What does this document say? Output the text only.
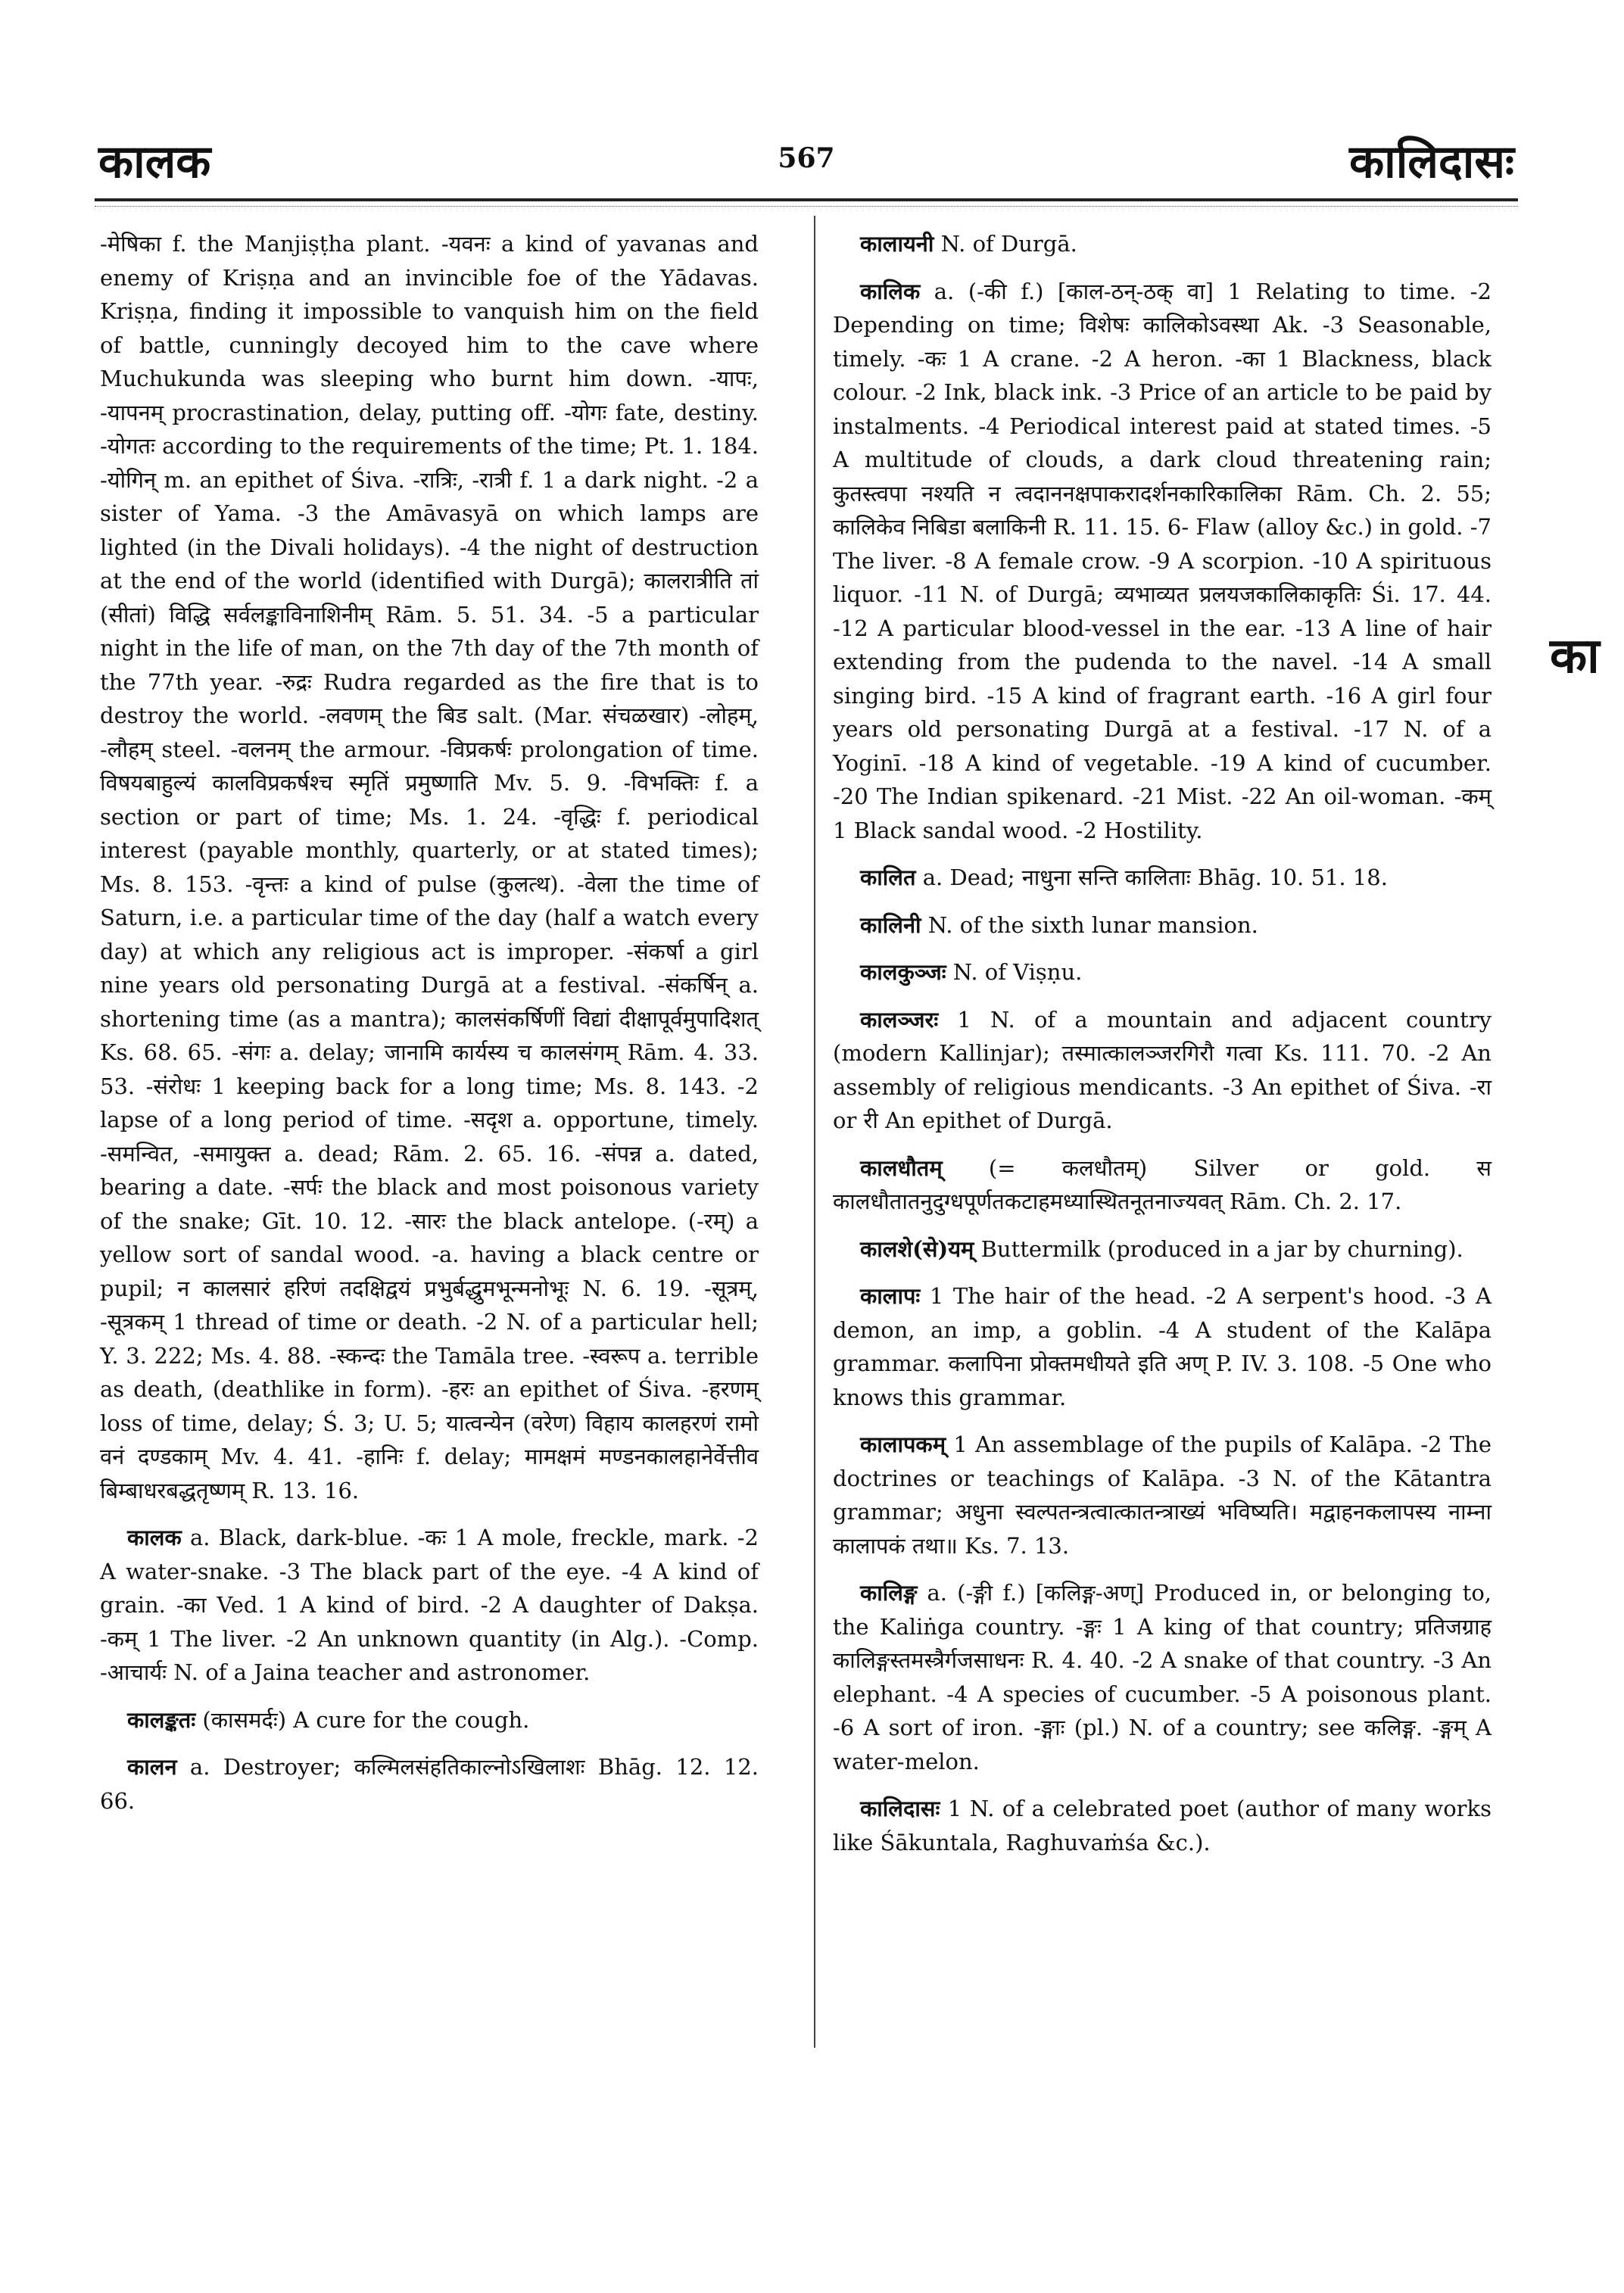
कालक	567	कालिदासः

-मेषिका f. the Manjiṣṭha plant. -यवनः a kind of yavanas and enemy of Kriṣṇa and an invincible foe of the Yādavas. Kriṣṇa, finding it impossible to vanquish him on the field of battle, cunningly decoyed him to the cave where Muchukunda was sleeping who burnt him down. -यापः, -यापनम् procrastination, delay, putting off. -योगः fate, destiny. -योगतः according to the requirements of the time; Pt. 1. 184. -योगिन् m. an epithet of Śiva. -रात्रिः, -रात्री f. 1 a dark night. -2 a sister of Yama. -3 the Amāvasyā on which lamps are lighted (in the Divali holidays). -4 the night of destruction at the end of the world (identified with Durgā); कालरात्रीति तां (सीतां) विद्धि सर्वलङ्काविनाशिनीम् Rām. 5. 51. 34. -5 a particular night in the life of man, on the 7th day of the 7th month of the 77th year. -रुद्रः Rudra regarded as the fire that is to destroy the world. -लवणम् the बिड salt. (Mar. संचळखार) -लोहम्, -लौहम् steel. -वलनम् the armour. -विप्रकर्षः prolongation of time. विषयबाहुल्यं कालविप्रकर्षश्च स्मृतिं प्रमुष्णाति Mv. 5. 9. -विभक्तिः f. a section or part of time; Ms. 1. 24. -वृद्धिः f. periodical interest (payable monthly, quarterly, or at stated times); Ms. 8. 153. -वृन्तः a kind of pulse (कुलत्थ). -वेला the time of Saturn, i.e. a particular time of the day (half a watch every day) at which any religious act is improper. -संकर्षा a girl nine years old personating Durgā at a festival. -संकर्षिन् a. shortening time (as a mantra); कालसंकर्षिणीं विद्यां दीक्षापूर्वमुपादिशत् Ks. 68. 65. -संगः a. delay; जानामि कार्यस्य च कालसंगम् Rām. 4. 33. 53. -संरोधः 1 keeping back for a long time; Ms. 8. 143. -2 lapse of a long period of time. -सदृश a. opportune, timely. -समन्वित, -समायुक्त a. dead; Rām. 2. 65. 16. -संपन्न a. dated, bearing a date. -सर्पः the black and most poisonous variety of the snake; Gīt. 10. 12. -सारः the black antelope. (-रम्) a yellow sort of sandal wood. -a. having a black centre or pupil; न कालसारं हरिणं तदक्षिद्वयं प्रभुर्बद्धुमभून्मनोभूः N. 6. 19. -सूत्रम्, -सूत्रकम् 1 thread of time or death. -2 N. of a particular hell; Y. 3. 222; Ms. 4. 88. -स्कन्दः the Tamāla tree. -स्वरूप a. terrible as death, (deathlike in form). -हरः an epithet of Śiva. -हरणम् loss of time, delay; Ś. 3; U. 5; यात्वन्येन (वरेण) विहाय कालहरणं रामो वनं दण्डकाम् Mv. 4. 41. -हानिः f. delay; मामक्षमं मण्डनकालहानेर्वेत्तीव बिम्बाधरबद्धतृष्णम् R. 13. 16.

कालक a. Black, dark-blue. -कः 1 A mole, freckle, mark. -2 A water-snake. -3 The black part of the eye. -4 A kind of grain. -का Ved. 1 A kind of bird. -2 A daughter of Dakṣa. -कम् 1 The liver. -2 An unknown quantity (in Alg.). -Comp. -आचार्यः N. of a Jaina teacher and astronomer.

कालङ्कतः (कासमर्दः) A cure for the cough.

कालन a. Destroyer; कल्मिलसंहतिकाल्नोऽखिलाशः Bhāg. 12. 12. 66.

कालायनी N. of Durgā.

कालिक a. (-की f.) [काल-ठन्-ठक् वा] 1 Relating to time. -2 Depending on time; विशेषः कालिकोऽवस्था Ak. -3 Seasonable, timely. -कः 1 A crane. -2 A heron. -का 1 Blackness, black colour. -2 Ink, black ink. -3 Price of an article to be paid by instalments. -4 Periodical interest paid at stated times. -5 A multitude of clouds, a dark cloud threatening rain; कुतस्त्वपा नश्यति न त्वदाननक्षपाकरादर्शनकारिकालिका Rām. Ch. 2. 55; कालिकेव निबिडा बलाकिनी R. 11. 15. 6- Flaw (alloy &c.) in gold. -7 The liver. -8 A female crow. -9 A scorpion. -10 A spirituous liquor. -11 N. of Durgā; व्यभाव्यत प्रलयजकालिकाकृतिः Śi. 17. 44. -12 A particular blood-vessel in the ear. -13 A line of hair extending from the pudenda to the navel. -14 A small singing bird. -15 A kind of fragrant earth. -16 A girl four years old personating Durgā at a festival. -17 N. of a Yoginī. -18 A kind of vegetable. -19 A kind of cucumber. -20 The Indian spikenard. -21 Mist. -22 An oil-woman. -कम् 1 Black sandal wood. -2 Hostility.

कालित a. Dead; नाधुना सन्ति कालिताः Bhāg. 10. 51. 18.

कालिनी N. of the sixth lunar mansion.

कालकुञ्जः N. of Viṣṇu.

कालञ्जरः 1 N. of a mountain and adjacent country (modern Kallinjar); तस्मात्कालञ्जरगिरौ गत्वा Ks. 111. 70. -2 An assembly of religious mendicants. -3 An epithet of Śiva. -रा or री An epithet of Durgā.

कालधौतम् (= कलधौतम्) Silver or gold. स कालधौतातनुदुग्धपूर्णतकटाहमध्यास्थितनूतनाज्यवत् Rām. Ch. 2. 17.

कालशे(से)यम् Buttermilk (produced in a jar by churning).

कालापः 1 The hair of the head. -2 A serpent's hood. -3 A demon, an imp, a goblin. -4 A student of the Kalāpa grammar. कलापिना प्रोक्तमधीयते इति अण् P. IV. 3. 108. -5 One who knows this grammar.

कालापकम् 1 An assemblage of the pupils of Kalāpa. -2 The doctrines or teachings of Kalāpa. -3 N. of the Kātantra grammar; अधुना स्वल्पतन्त्रत्वात्कातन्त्राख्यं भविष्यति। मद्वाहनकलापस्य नाम्ना कालापकं तथा॥ Ks. 7. 13.

कालिङ्ग a. (-ङ्गी f.) [कलिङ्ग-अण्] Produced in, or belonging to, the Kaliṅga country. -ङ्गः 1 A king of that country; प्रतिजग्राह कालिङ्गस्तमस्त्रैर्गजसाधनः R. 4. 40. -2 A snake of that country. -3 An elephant. -4 A species of cucumber. -5 A poisonous plant. -6 A sort of iron. -ङ्गाः (pl.) N. of a country; see कलिङ्ग. -ङ्गम् A water-melon.

कालिदासः 1 N. of a celebrated poet (author of many works like Śākuntala, Raghuvaṁśa &c.).

का
